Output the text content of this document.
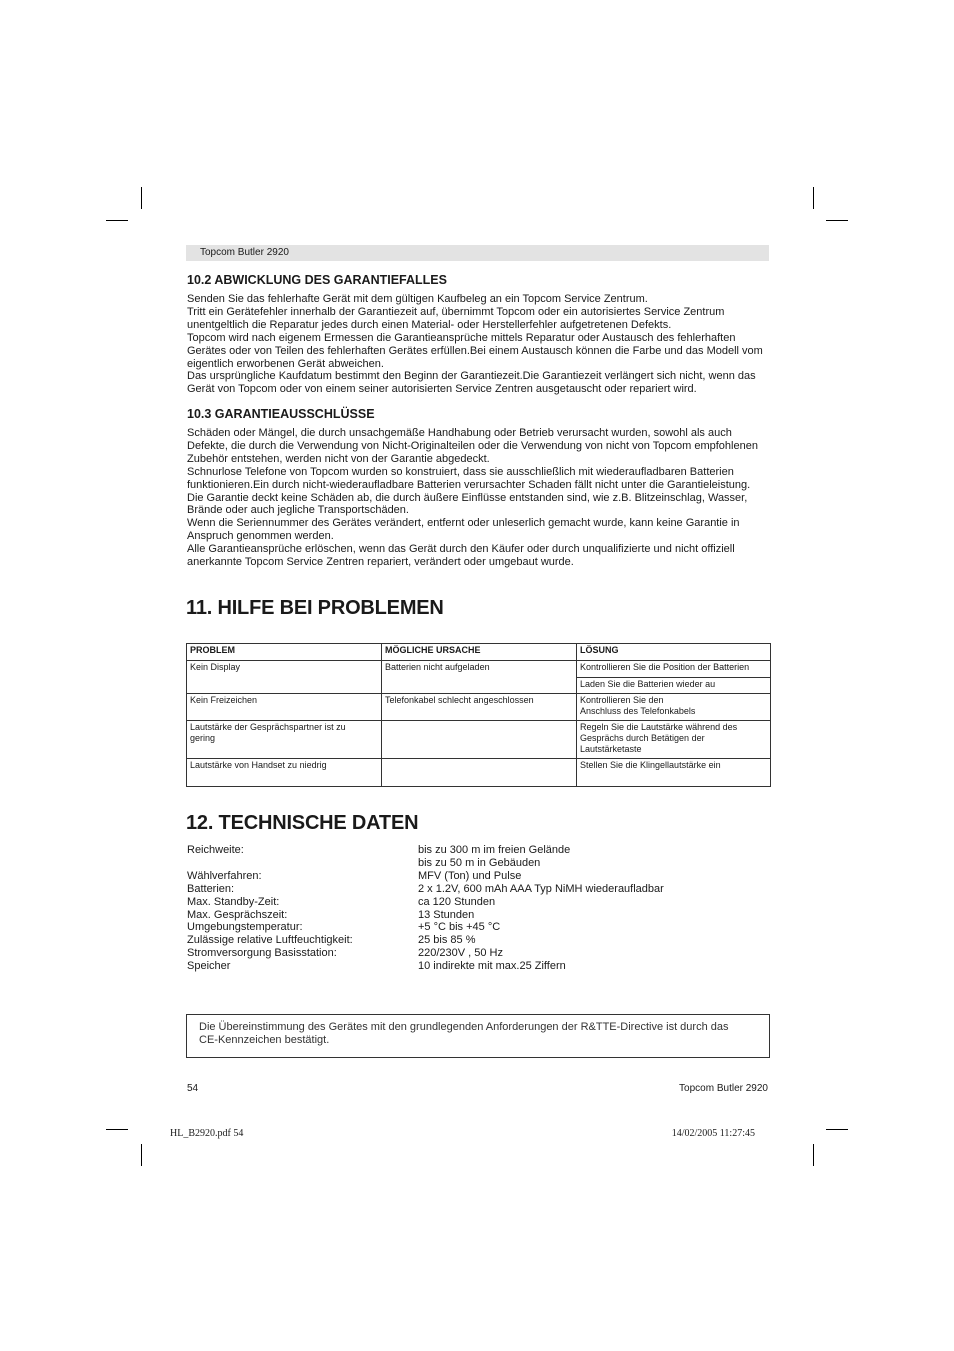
Topcom Butler 2920
10.2 ABWICKLUNG DES GARANTIEFALLES

Senden Sie das fehlerhafte Gerät mit dem gültigen Kaufbeleg an ein Topcom Service Zentrum.
Tritt ein Gerätefehler innerhalb der Garantiezeit auf, übernimmt Topcom oder ein autorisiertes Service Zentrum
unentgeltlich die Reparatur jedes durch einen Material- oder Herstellerfehler aufgetretenen Defekts.
Topcom wird nach eigenem Ermessen die Garantieansprüche mittels Reparatur oder Austausch des fehlerhaften
Gerätes oder von Teilen des fehlerhaften Gerätes erfüllen.Bei einem Austausch können die Farbe und das Modell vom
eigentlich erworbenen Gerät abweichen.
Das ursprüngliche Kaufdatum bestimmt den Beginn der Garantiezeit.Die Garantiezeit verlängert sich nicht, wenn das
Gerät von Topcom oder von einem seiner autorisierten Service Zentren ausgetauscht oder repariert wird.

10.3 GARANTIEAUSSCHLÜSSE

Schäden oder Mängel, die durch unsachgemäße Handhabung oder Betrieb verursacht wurden, sowohl als auch
Defekte, die durch die Verwendung von Nicht-Originalteilen oder die Verwendung von nicht von Topcom empfohlenen
Zubehör entstehen, werden nicht von der Garantie abgedeckt.
Schnurlose Telefone von Topcom wurden so konstruiert, dass sie ausschließlich mit wiederaufladbaren Batterien
funktionieren.Ein durch nicht-wiederaufladbare Batterien verursachter Schaden fällt nicht unter die Garantieleistung.
Die Garantie deckt keine Schäden ab, die durch äußere Einflüsse entstanden sind, wie z.B. Blitzeinschlag, Wasser,
Brände oder auch jegliche Transportschäden.
Wenn die Seriennummer des Gerätes verändert, entfernt oder unleserlich gemacht wurde, kann keine Garantie in
Anspruch genommen werden.
Alle Garantieansprüche erlöschen, wenn das Gerät durch den Käufer oder durch unqualifizierte und nicht offiziell
anerkannte Topcom Service Zentren repariert, verändert oder umgebaut wurde.

11. HILFE BEI PROBLEMEN
PROBLEM	MÖGLICHE URSACHE	LÖSUNG
Kein Display	Batterien nicht aufgeladen	Kontrollieren Sie die Position der Batterien
		Laden Sie die Batterien wieder au
Kein Freizeichen	Telefonkabel schlecht angeschlossen	Kontrollieren Sie den
Anschluss des Telefonkabels
Lautstärke der Gesprächspartner ist zu
gering		Regeln Sie die Lautstärke während des
Gesprächs durch Betätigen der
Lautstärketaste
Lautstärke von Handset zu niedrig		Stellen Sie die Klingellautstärke ein
12. TECHNISCHE DATEN
Reichweite:	bis zu 300 m im freien Gelände
bis zu 50 m in Gebäuden
Wählverfahren:	MFV (Ton) und Pulse
Batterien:	2 x 1.2V, 600 mAh AAA Typ NiMH wiederaufladbar
Max. Standby-Zeit:	ca 120 Stunden
Max. Gesprächszeit:	13 Stunden
Umgebungstemperatur:	+5 °C bis +45 °C
Zulässige relative Luftfeuchtigkeit:	25 bis 85 %
Stromversorgung Basisstation:	220/230V , 50 Hz
Speicher	10 indirekte mit max.25 Ziffern
Die Übereinstimmung des Gerätes mit den grundlegenden Anforderungen der R&TTE-Directive ist durch das
CE-Kennzeichen bestätigt.
54	Topcom Butler 2920
HL_B2920.pdf 54	14/02/2005 11:27:45
